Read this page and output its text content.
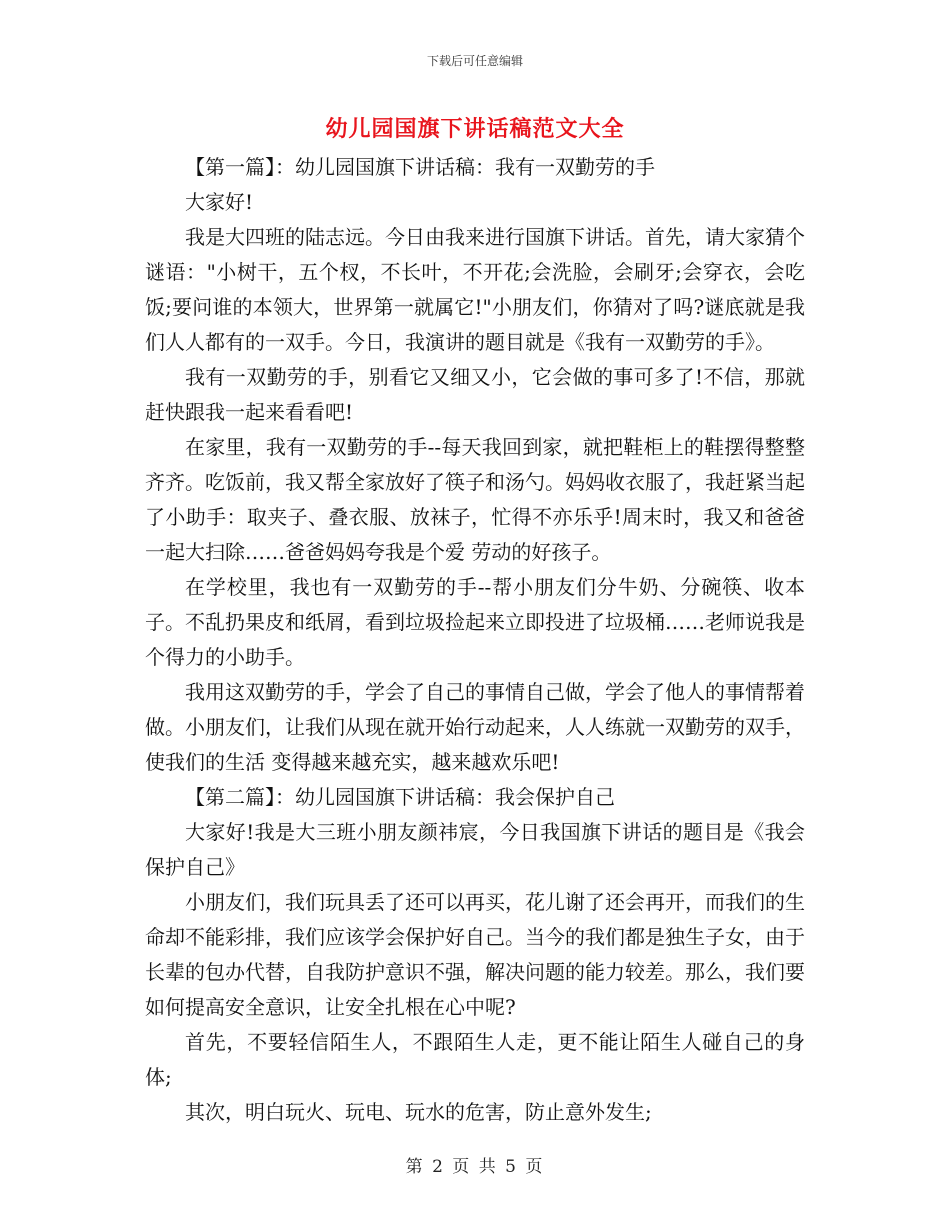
下载后可任意编辑
幼儿园国旗下讲话稿范文大全

【第一篇】：幼儿园国旗下讲话稿：我有一双勤劳的手

大家好!

我是大四班的陆志远。今日由我来进行国旗下讲话。首先，请大家猜个谜语："小树干，五个杈，不长叶，不开花;会洗脸，会刷牙;会穿衣，会吃饭;要问谁的本领大，世界第一就属它!"小朋友们，你猜对了吗?谜底就是我们人人都有的一双手。今日，我演讲的题目就是《我有一双勤劳的手》。

我有一双勤劳的手，别看它又细又小，它会做的事可多了!不信，那就赶快跟我一起来看看吧!

在家里，我有一双勤劳的手--每天我回到家，就把鞋柜上的鞋摆得整整齐齐。吃饭前，我又帮全家放好了筷子和汤勺。妈妈收衣服了，我赶紧当起了小助手：取夹子、叠衣服、放袜子，忙得不亦乐乎!周末时，我又和爸爸一起大扫除……爸爸妈妈夸我是个爱 劳动的好孩子。

在学校里，我也有一双勤劳的手--帮小朋友们分牛奶、分碗筷、收本子。不乱扔果皮和纸屑，看到垃圾捡起来立即投进了垃圾桶……老师说我是个得力的小助手。

我用这双勤劳的手，学会了自己的事情自己做，学会了他人的事情帮着做。小朋友们，让我们从现在就开始行动起来，人人练就一双勤劳的双手，使我们的生活 变得越来越充实，越来越欢乐吧!

【第二篇】：幼儿园国旗下讲话稿：我会保护自己

大家好!我是大三班小朋友颜祎宸，今日我国旗下讲话的题目是《我会保护自己》

小朋友们，我们玩具丢了还可以再买，花儿谢了还会再开，而我们的生命却不能彩排，我们应该学会保护好自己。当今的我们都是独生子女，由于长辈的包办代替，自我防护意识不强，解决问题的能力较差。那么，我们要如何提高安全意识，让安全扎根在心中呢?

首先，不要轻信陌生人，不跟陌生人走，更不能让陌生人碰自己的身体;

其次，明白玩火、玩电、玩水的危害，防止意外发生;

第 2 页 共 5 页
